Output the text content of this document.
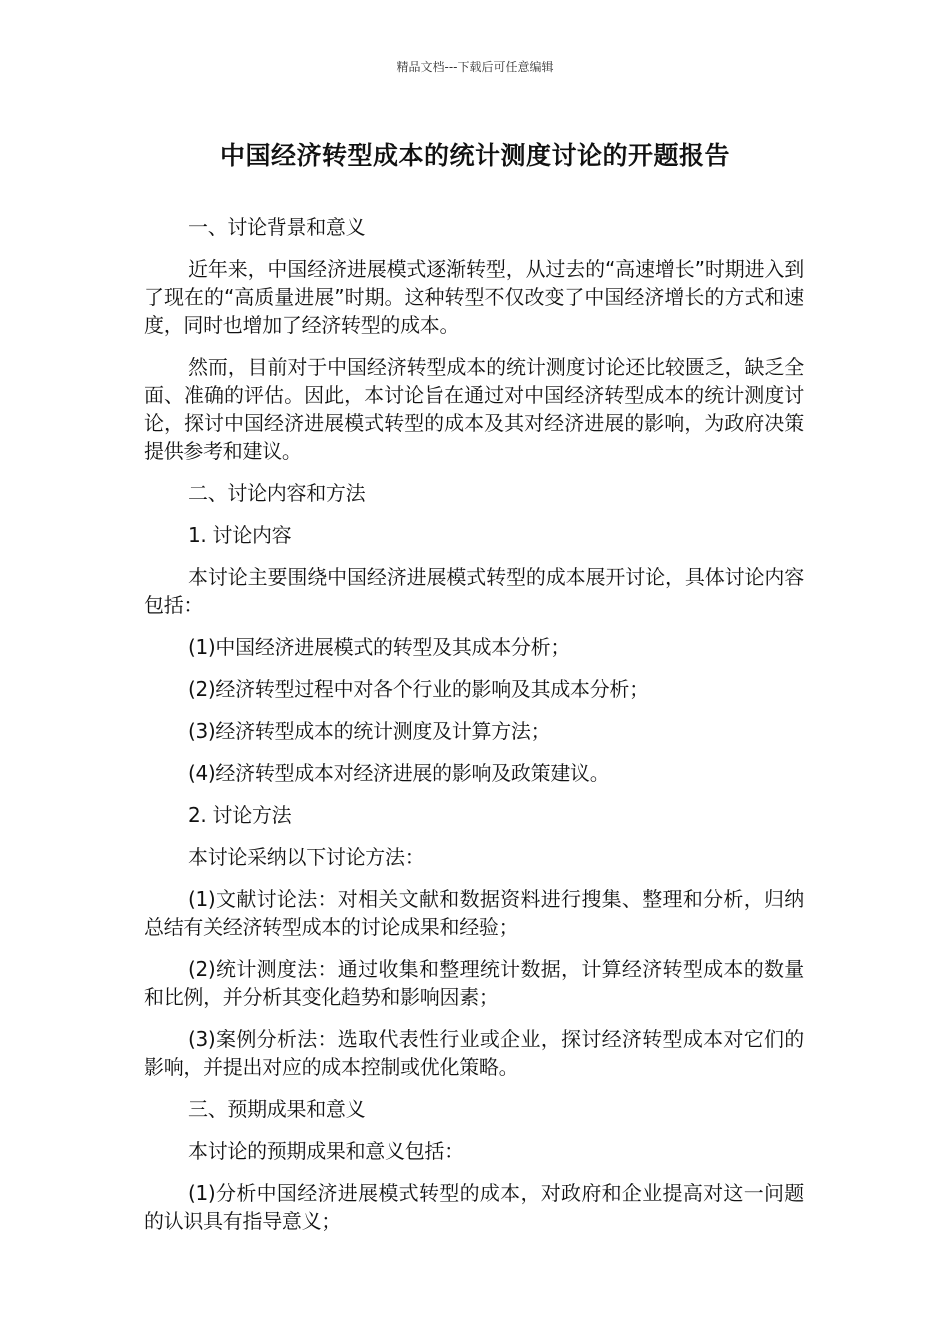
精品文档---下载后可任意编辑
中国经济转型成本的统计测度讨论的开题报告

一、讨论背景和意义

近年来，中国经济进展模式逐渐转型，从过去的“高速增长”时期进入到了现在的“高质量进展”时期。这种转型不仅改变了中国经济增长的方式和速度，同时也增加了经济转型的成本。

然而，目前对于中国经济转型成本的统计测度讨论还比较匮乏，缺乏全面、准确的评估。因此，本讨论旨在通过对中国经济转型成本的统计测度讨论，探讨中国经济进展模式转型的成本及其对经济进展的影响，为政府决策提供参考和建议。

二、讨论内容和方法

1. 讨论内容

本讨论主要围绕中国经济进展模式转型的成本展开讨论，具体讨论内容包括：

(1)中国经济进展模式的转型及其成本分析；

(2)经济转型过程中对各个行业的影响及其成本分析；

(3)经济转型成本的统计测度及计算方法；

(4)经济转型成本对经济进展的影响及政策建议。

2. 讨论方法

本讨论采纳以下讨论方法：

(1)文献讨论法：对相关文献和数据资料进行搜集、整理和分析，归纳总结有关经济转型成本的讨论成果和经验；

(2)统计测度法：通过收集和整理统计数据，计算经济转型成本的数量和比例，并分析其变化趋势和影响因素；

(3)案例分析法：选取代表性行业或企业，探讨经济转型成本对它们的影响，并提出对应的成本控制或优化策略。

三、预期成果和意义

本讨论的预期成果和意义包括：

(1)分析中国经济进展模式转型的成本，对政府和企业提高对这一问题的认识具有指导意义；
